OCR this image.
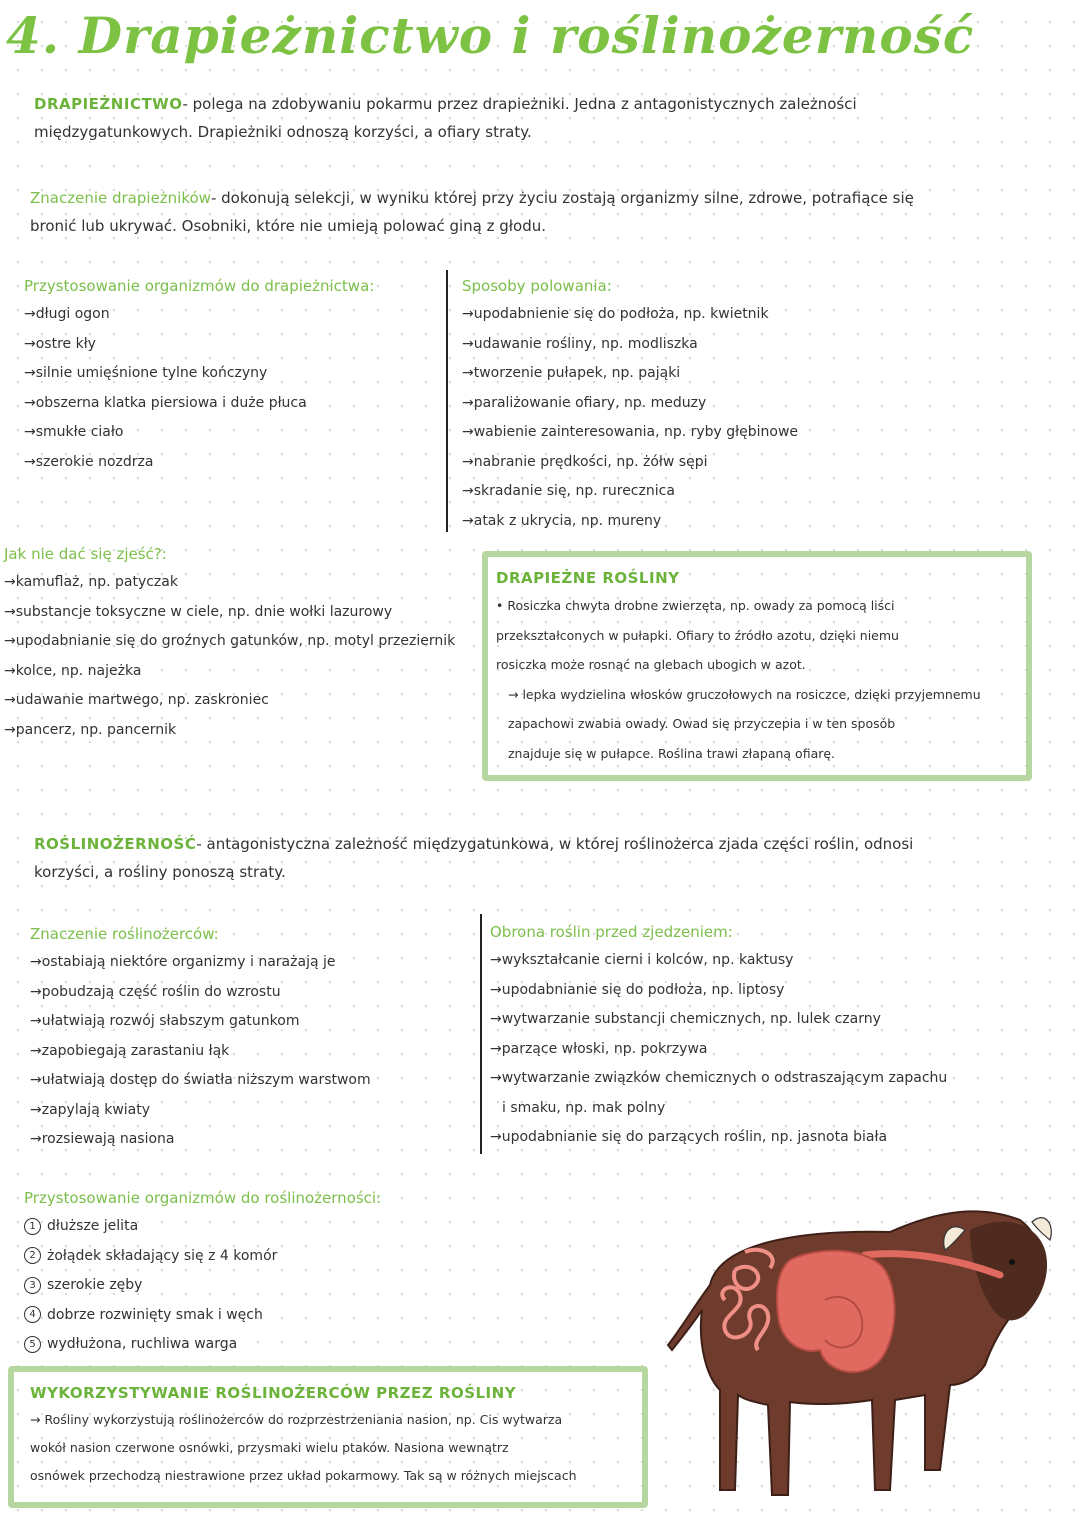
4. Drapieżnictwo i roślinożerność
DRAPIEŻNICTWO- polega na zdobywaniu pokarmu przez drapieżniki. Jedna z antagonistycznych zależności
międzygatunkowych. Drapieżniki odnoszą korzyści, a ofiary straty.
Znaczenie drapieżników- dokonują selekcji, w wyniku której przy życiu zostają organizmy silne, zdrowe, potrafiące się
bronić lub ukrywać. Osobniki, które nie umieją polować giną z głodu.
Przystosowanie organizmów do drapieżnictwa:
→ długi ogon
→ ostre kły
→ silnie umięśnione tylne kończyny
→ obszerna klatka piersiowa i duże płuca
→ smukłe ciało
→ szerokie nozdrza
Sposoby polowania:
→ upodabnienie się do podłoża, np. kwietnik
→ udawanie rośliny, np. modliszka
→ tworzenie pułapek, np. pająki
→ paraliżowanie ofiary, np. meduzy
→ wabienie zainteresowania, np. ryby głębinowe
→ nabranie prędkości, np. żółw sępi
→ skradanie się, np. rurecznica
→ atak z ukrycia, np. mureny
Jak nie dać się zjeść?:
→ kamuflaż, np. patyczak
→ substancje toksyczne w ciele, np. dnie wołki lazurowy
→ upodabnianie się do groźnych gatunków, np. motyl przeziernik
→ kolce, np. najeżka
→ udawanie martwego, np. zaskroniec
→ pancerz, np. pancernik
DRAPIEŻNE ROŚLINY
• Rosiczka chwyta drobne zwierzęta, np. owady za pomocą liści
przekształconych w pułapki. Ofiary to źródło azotu, dzięki niemu
rosiczka może rosnąć na glebach ubogich w azot.
→ lepka wydzielina włosków gruczołowych na rosiczce, dzięki przyjemnemu
zapachowi zwabia owady. Owad się przyczepia i w ten sposób
znajduje się w pułapce. Roślina trawi złapaną ofiarę.
ROŚLINOŻERNOŚĆ- antagonistyczna zależność międzygatunkowa, w której roślinożerca zjada części roślin, odnosi
korzyści, a rośliny ponoszą straty.
Znaczenie roślinożerców:
→ ostabiają niektóre organizmy i narażają je
→ pobudzają część roślin do wzrostu
→ ułatwiają rozwój słabszym gatunkom
→ zapobiegają zarastaniu łąk
→ ułatwiają dostęp do światła niższym warstwom
→ zapylają kwiaty
→ rozsiewają nasiona
Obrona roślin przed zjedzeniem:
→ wykształcanie cierni i kolców, np. kaktusy
→ upodabnianie się do podłoża, np. liptosy
→ wytwarzanie substancji chemicznych, np. lulek czarny
→ parzące włoski, np. pokrzywa
→ wytwarzanie związków chemicznych o odstraszającym zapachu
i smaku, np. mak polny
→ upodabnianie się do parzących roślin, np. jasnota biała
Przystosowanie organizmów do roślinożerności:
1 dłuższe jelita
2 żołądek składający się z 4 komór
3 szerokie zęby
4 dobrze rozwinięty smak i węch
5 wydłużona, ruchliwa warga
WYKORZYSTYWANIE ROŚLINOŻERCÓW PRZEZ ROŚLINY
→ Rośliny wykorzystują roślinożerców do rozprzestrzeniania nasion, np. Cis wytwarza
wokół nasion czerwone osnówki, przysmaki wielu ptaków. Nasiona wewnątrz
osnówek przechodzą niestrawione przez układ pokarmowy. Tak są w różnych miejscach
